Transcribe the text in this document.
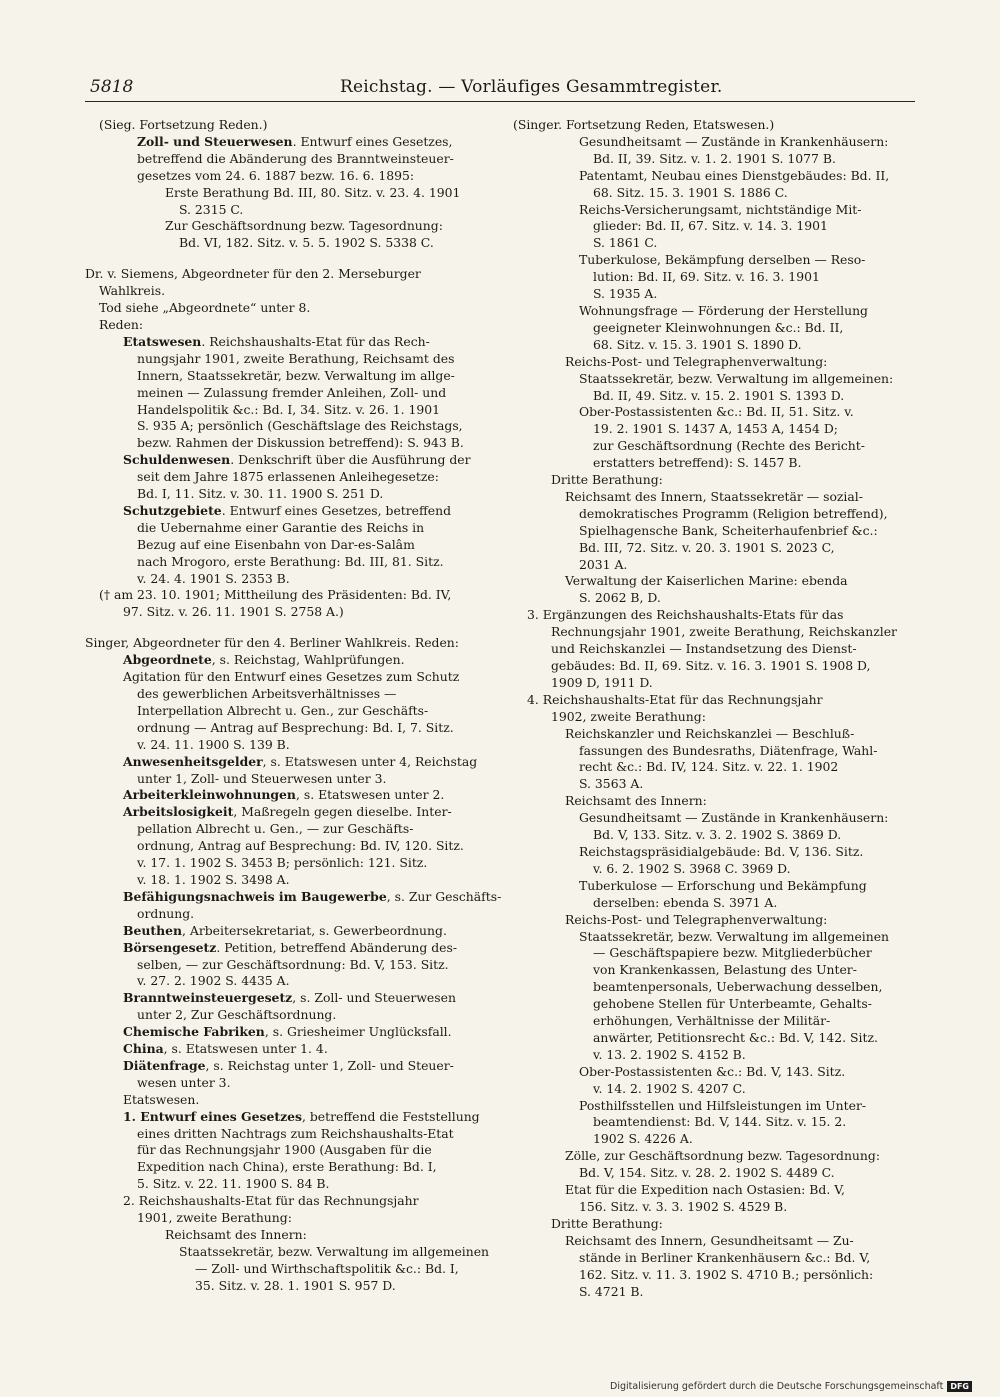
5818	Reichstag. — Vorläufiges Gesammtregister.
(Sieg. Fortsetzung Reden.)
Zoll- und Steuerwesen. Entwurf eines Gesetzes,
betreffend die Abänderung des Branntweinsteuer-
gesetzes vom 24. 6. 1887 bezw. 16. 6. 1895:
Erste Berathung Bd. III, 80. Sitz. v. 23. 4. 1901
S. 2315 C.
Zur Geschäftsordnung bezw. Tagesordnung:
Bd. VI, 182. Sitz. v. 5. 5. 1902 S. 5338 C.
Dr. v. Siemens, Abgeordneter für den 2. Merseburger
Wahlkreis.
Tod siehe „Abgeordnete“ unter 8.
Reden:
Etatswesen. Reichshaushalts-Etat für das Rech-
nungsjahr 1901, zweite Berathung, Reichsamt des
Innern, Staatssekretär, bezw. Verwaltung im allge-
meinen — Zulassung fremder Anleihen, Zoll- und
Handelspolitik &c.: Bd. I, 34. Sitz. v. 26. 1. 1901
S. 935 A; persönlich (Geschäftslage des Reichstags,
bezw. Rahmen der Diskussion betreffend): S. 943 B.
Schuldenwesen. Denkschrift über die Ausführung der
seit dem Jahre 1875 erlassenen Anleihegesetze:
Bd. I, 11. Sitz. v. 30. 11. 1900 S. 251 D.
Schutzgebiete. Entwurf eines Gesetzes, betreffend
die Uebernahme einer Garantie des Reichs in
Bezug auf eine Eisenbahn von Dar-es-Salâm
nach Mrogoro, erste Berathung: Bd. III, 81. Sitz.
v. 24. 4. 1901 S. 2353 B.
(† am 23. 10. 1901; Mittheilung des Präsidenten: Bd. IV,
97. Sitz. v. 26. 11. 1901 S. 2758 A.)
Singer, Abgeordneter für den 4. Berliner Wahlkreis. Reden:
Abgeordnete, s. Reichstag, Wahlprüfungen.
Agitation für den Entwurf eines Gesetzes zum Schutz
des gewerblichen Arbeitsverhältnisses —
Interpellation Albrecht u. Gen., zur Geschäfts-
ordnung — Antrag auf Besprechung: Bd. I, 7. Sitz.
v. 24. 11. 1900 S. 139 B.
Anwesenheitsgelder, s. Etatswesen unter 4, Reichstag
unter 1, Zoll- und Steuerwesen unter 3.
Arbeiterkleinwohnungen, s. Etatswesen unter 2.
Arbeitslosigkeit, Maßregeln gegen dieselbe. Inter-
pellation Albrecht u. Gen., — zur Geschäfts-
ordnung, Antrag auf Besprechung: Bd. IV, 120. Sitz.
v. 17. 1. 1902 S. 3453 B; persönlich: 121. Sitz.
v. 18. 1. 1902 S. 3498 A.
Befähigungsnachweis im Baugewerbe, s. Zur Geschäfts-
ordnung.
Beuthen, Arbeitersekretariat, s. Gewerbeordnung.
Börsengesetz. Petition, betreffend Abänderung des-
selben, — zur Geschäftsordnung: Bd. V, 153. Sitz.
v. 27. 2. 1902 S. 4435 A.
Branntweinsteuergesetz, s. Zoll- und Steuerwesen
unter 2, Zur Geschäftsordnung.
Chemische Fabriken, s. Griesheimer Unglücksfall.
China, s. Etatswesen unter 1. 4.
Diätenfrage, s. Reichstag unter 1, Zoll- und Steuer-
wesen unter 3.
Etatswesen.
1. Entwurf eines Gesetzes, betreffend die Feststellung
eines dritten Nachtrags zum Reichshaushalts-Etat
für das Rechnungsjahr 1900 (Ausgaben für die
Expedition nach China), erste Berathung: Bd. I,
5. Sitz. v. 22. 11. 1900 S. 84 B.
2. Reichshaushalts-Etat für das Rechnungsjahr
1901, zweite Berathung:
Reichsamt des Innern:
Staatssekretär, bezw. Verwaltung im allgemeinen
— Zoll- und Wirthschaftspolitik &c.: Bd. I,
35. Sitz. v. 28. 1. 1901 S. 957 D.
(Singer. Fortsetzung Reden, Etatswesen.)
Gesundheitsamt — Zustände in Krankenhäusern:
Bd. II, 39. Sitz. v. 1. 2. 1901 S. 1077 B.
Patentamt, Neubau eines Dienstgebäudes: Bd. II,
68. Sitz. 15. 3. 1901 S. 1886 C.
Reichs-Versicherungsamt, nichtständige Mit-
glieder: Bd. II, 67. Sitz. v. 14. 3. 1901
S. 1861 C.
Tuberkulose, Bekämpfung derselben — Reso-
lution: Bd. II, 69. Sitz. v. 16. 3. 1901
S. 1935 A.
Wohnungsfrage — Förderung der Herstellung
geeigneter Kleinwohnungen &c.: Bd. II,
68. Sitz. v. 15. 3. 1901 S. 1890 D.
Reichs-Post- und Telegraphenverwaltung:
Staatssekretär, bezw. Verwaltung im allgemeinen:
Bd. II, 49. Sitz. v. 15. 2. 1901 S. 1393 D.
Ober-Postassistenten &c.: Bd. II, 51. Sitz. v.
19. 2. 1901 S. 1437 A, 1453 A, 1454 D;
zur Geschäftsordnung (Rechte des Bericht-
erstatters betreffend): S. 1457 B.
Dritte Berathung:
Reichsamt des Innern, Staatssekretär — sozial-
demokratisches Programm (Religion betreffend),
Spielhagensche Bank, Scheiterhaufenbrief &c.:
Bd. III, 72. Sitz. v. 20. 3. 1901 S. 2023 C,
2031 A.
Verwaltung der Kaiserlichen Marine: ebenda
S. 2062 B, D.
3. Ergänzungen des Reichshaushalts-Etats für das
Rechnungsjahr 1901, zweite Berathung, Reichskanzler
und Reichskanzlei — Instandsetzung des Dienst-
gebäudes: Bd. II, 69. Sitz. v. 16. 3. 1901 S. 1908 D,
1909 D, 1911 D.
4. Reichshaushalts-Etat für das Rechnungsjahr
1902, zweite Berathung:
Reichskanzler und Reichskanzlei — Beschluß-
fassungen des Bundesraths, Diätenfrage, Wahl-
recht &c.: Bd. IV, 124. Sitz. v. 22. 1. 1902
S. 3563 A.
Reichsamt des Innern:
Gesundheitsamt — Zustände in Krankenhäusern:
Bd. V, 133. Sitz. v. 3. 2. 1902 S. 3869 D.
Reichstagspräsidialgebäude: Bd. V, 136. Sitz.
v. 6. 2. 1902 S. 3968 C. 3969 D.
Tuberkulose — Erforschung und Bekämpfung
derselben: ebenda S. 3971 A.
Reichs-Post- und Telegraphenverwaltung:
Staatssekretär, bezw. Verwaltung im allgemeinen
— Geschäftspapiere bezw. Mitgliederbücher
von Krankenkassen, Belastung des Unter-
beamtenpersonals, Ueberwachung desselben,
gehobene Stellen für Unterbeamte, Gehalts-
erhöhungen, Verhältnisse der Militär-
anwärter, Petitionsrecht &c.: Bd. V, 142. Sitz.
v. 13. 2. 1902 S. 4152 B.
Ober-Postassistenten &c.: Bd. V, 143. Sitz.
v. 14. 2. 1902 S. 4207 C.
Posthilfsstellen und Hilfsleistungen im Unter-
beamtendienst: Bd. V, 144. Sitz. v. 15. 2.
1902 S. 4226 A.
Zölle, zur Geschäftsordnung bezw. Tagesordnung:
Bd. V, 154. Sitz. v. 28. 2. 1902 S. 4489 C.
Etat für die Expedition nach Ostasien: Bd. V,
156. Sitz. v. 3. 3. 1902 S. 4529 B.
Dritte Berathung:
Reichsamt des Innern, Gesundheitsamt — Zu-
stände in Berliner Krankenhäusern &c.: Bd. V,
162. Sitz. v. 11. 3. 1902 S. 4710 B.; persönlich:
S. 4721 B.
Digitalisierung gefördert durch die Deutsche Forschungsgemeinschaft DFG
